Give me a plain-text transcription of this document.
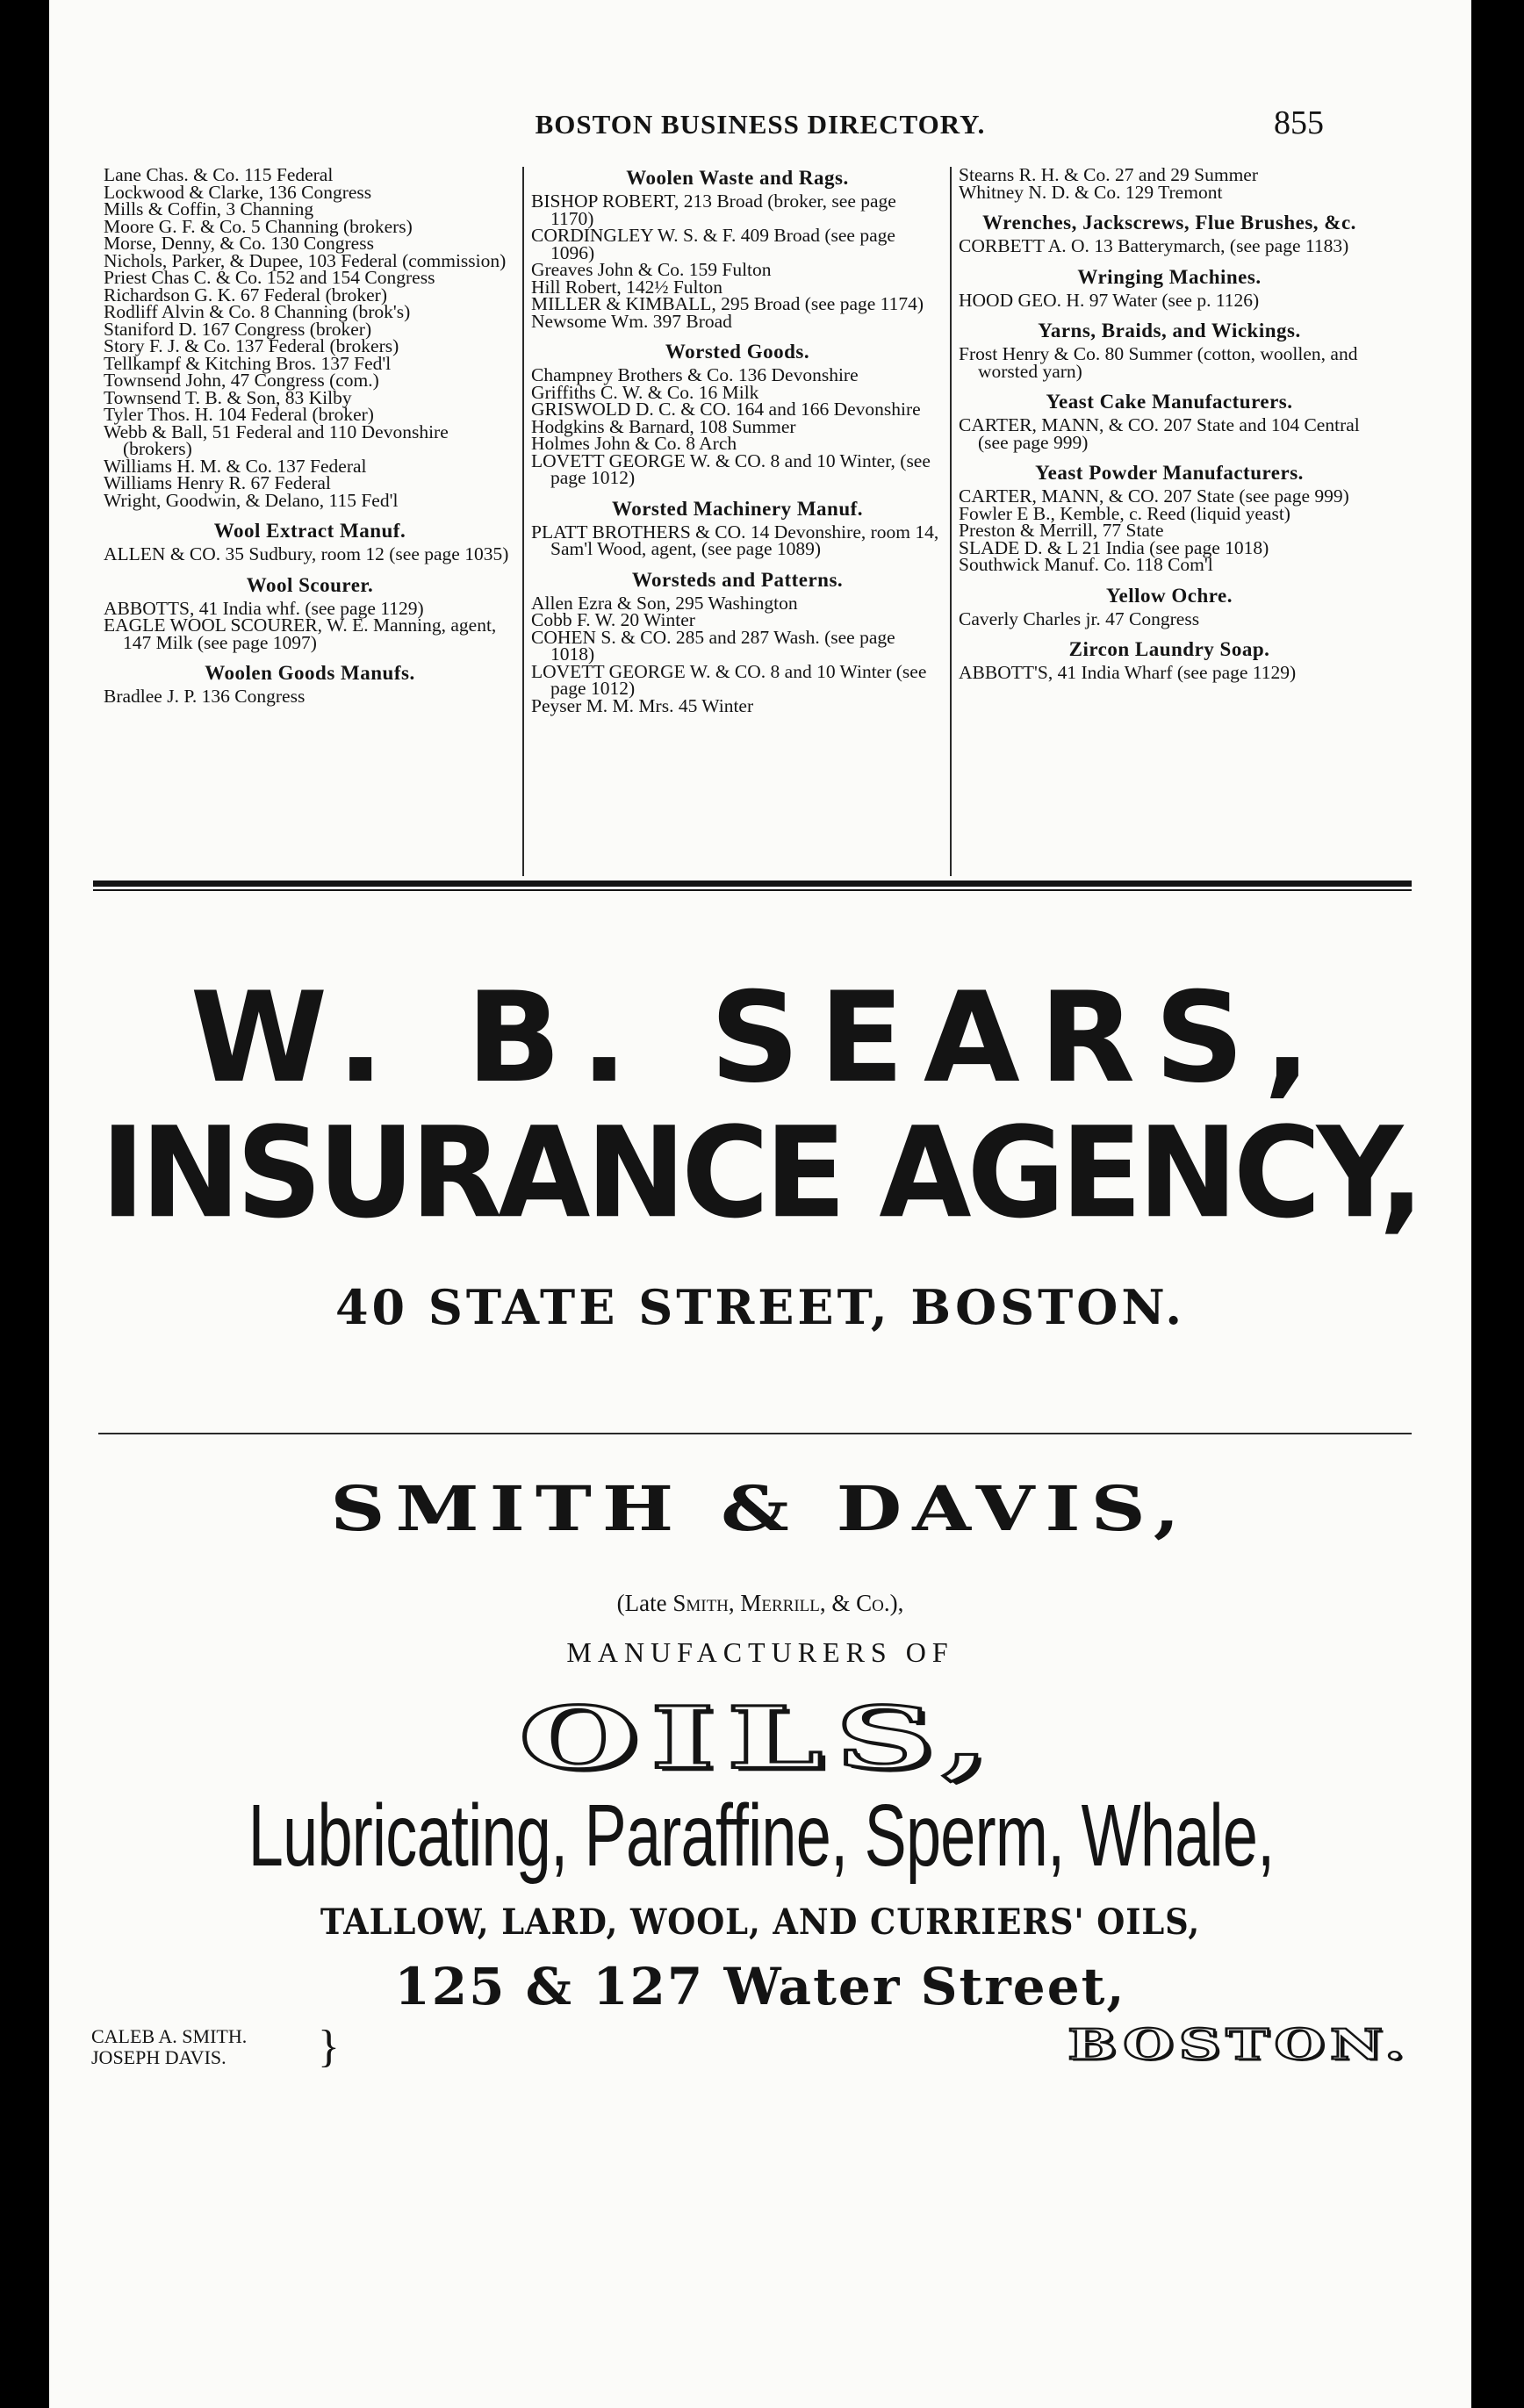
BOSTON BUSINESS DIRECTORY.	855

Lane Chas. & Co. 115 Federal

Lockwood & Clarke, 136 Congress

Mills & Coffin, 3 Channing

Moore G. F. & Co. 5 Channing (brokers)

Morse, Denny, & Co. 130 Congress

Nichols, Parker, & Dupee, 103 Federal (commission)

Priest Chas C. & Co. 152 and 154 Congress

Richardson G. K. 67 Federal (broker)

Rodliff Alvin & Co. 8 Channing (brok's)

Staniford D. 167 Congress (broker)

Story F. J. & Co. 137 Federal (brokers)

Tellkampf & Kitching Bros. 137 Fed'l

Townsend John, 47 Congress (com.)

Townsend T. B. & Son, 83 Kilby

Tyler Thos. H. 104 Federal (broker)

Webb & Ball, 51 Federal and 110 Devonshire (brokers)

Williams H. M. & Co. 137 Federal

Williams Henry R. 67 Federal

Wright, Goodwin, & Delano, 115 Fed'l

Wool Extract Manuf.

ALLEN & CO. 35 Sudbury, room 12 (see page 1035)

Wool Scourer.

ABBOTTS, 41 India whf. (see page 1129)

EAGLE WOOL SCOURER, W. E. Manning, agent, 147 Milk (see page 1097)

Woolen Goods Manufs.

Bradlee J. P. 136 Congress

Woolen Waste and Rags.

BISHOP ROBERT, 213 Broad (broker, see page 1170)

CORDINGLEY W. S. & F. 409 Broad (see page 1096)

Greaves John & Co. 159 Fulton

Hill Robert, 142½ Fulton

MILLER & KIMBALL, 295 Broad (see page 1174)

Newsome Wm. 397 Broad

Worsted Goods.

Champney Brothers & Co. 136 Devonshire

Griffiths C. W. & Co. 16 Milk

GRISWOLD D. C. & CO. 164 and 166 Devonshire

Hodgkins & Barnard, 108 Summer

Holmes John & Co. 8 Arch

LOVETT GEORGE W. & CO. 8 and 10 Winter, (see page 1012)

Worsted Machinery Manuf.

PLATT BROTHERS & CO. 14 Devonshire, room 14, Sam'l Wood, agent, (see page 1089)

Worsteds and Patterns.

Allen Ezra & Son, 295 Washington

Cobb F. W. 20 Winter

COHEN S. & CO. 285 and 287 Wash. (see page 1018)

LOVETT GEORGE W. & CO. 8 and 10 Winter (see page 1012)

Peyser M. M. Mrs. 45 Winter

Stearns R. H. & Co. 27 and 29 Summer

Whitney N. D. & Co. 129 Tremont

Wrenches, Jackscrews, Flue Brushes, &c.

CORBETT A. O. 13 Batterymarch, (see page 1183)

Wringing Machines.

HOOD GEO. H. 97 Water (see p. 1126)

Yarns, Braids, and Wickings.

Frost Henry & Co. 80 Summer (cotton, woollen, and worsted yarn)

Yeast Cake Manufacturers.

CARTER, MANN, & CO. 207 State and 104 Central (see page 999)

Yeast Powder Manufacturers.

CARTER, MANN, & CO. 207 State (see page 999)

Fowler E B., Kemble, c. Reed (liquid yeast)

Preston & Merrill, 77 State

SLADE D. & L 21 India (see page 1018)

Southwick Manuf. Co. 118 Com'l

Yellow Ochre.

Caverly Charles jr. 47 Congress

Zircon Laundry Soap.

ABBOTT'S, 41 India Wharf (see page 1129)

W. B. SEARS,
INSURANCE AGENCY,
40 STATE STREET, BOSTON.
SMITH & DAVIS,
(Late Smith, Merrill, & Co.),
MANUFACTURERS OF
OILS,
Lubricating, Paraffine, Sperm, Whale,
TALLOW, LARD, WOOL, AND CURRIERS' OILS,
125 & 127 Water Street,
CALEB A. SMITH.
JOSEPH DAVIS.	}	BOSTON.
